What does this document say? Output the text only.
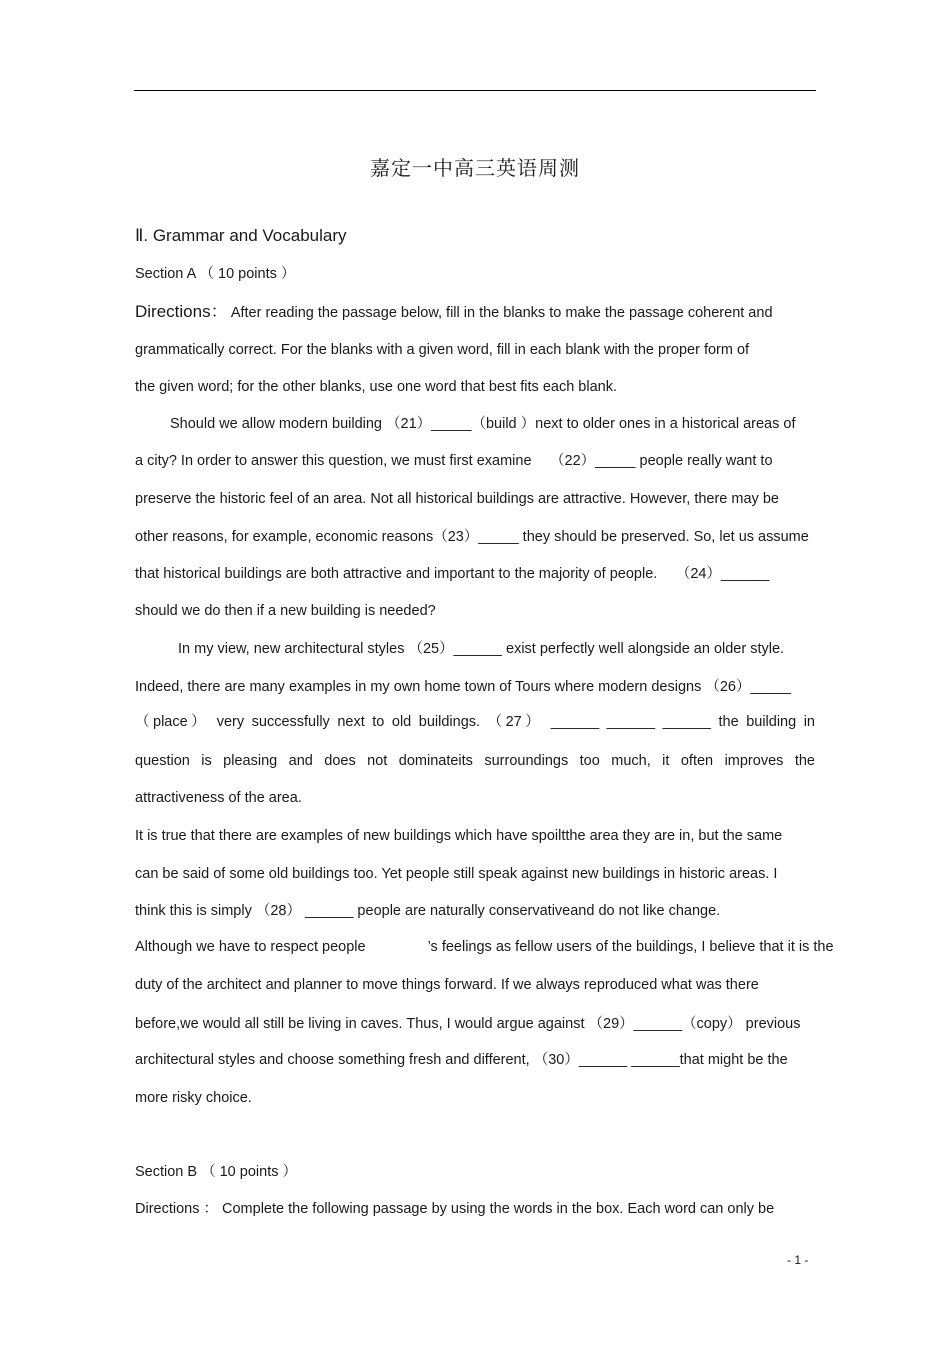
嘉定一中高三英语周测
Ⅱ. Grammar and Vocabulary
Section A （ 10 points ）
Directions： After reading the passage below, fill in the blanks to make the passage coherent and
grammatically correct. For the blanks with a given word, fill in each blank with the proper form of
the given word; for the other blanks, use one word that best fits each blank.
Should we allow modern building （21）_____（build ）next to older ones in a historical areas of
a city? In order to answer this question, we must first examine　 （22）_____ people really want to
preserve the historic feel of an area. Not all historical buildings are attractive. However, there may be
other reasons, for example, economic reasons（23）_____ they should be preserved. So, let us assume
that historical buildings are both attractive and important to the majority of people.　 （24）______
should we do then if a new building is needed?
In my view, new architectural styles （25）______ exist perfectly well alongside an older style.
Indeed, there are many examples in my own home town of Tours where modern designs （26）_____
（place） very successfully next to old buildings. （27） ______ ______ ______ the building in
question is pleasing and does not dominateits surroundings too much, it often improves the
attractiveness of the area.
It is true that there are examples of new buildings which have spoiltthe area they are in, but the same
can be said of some old buildings too. Yet people still speak against new buildings in historic areas. I
think this is simply （28） ______ people are naturally conservativeand do not like change.
Although we have to respect people　　　　 ’s feelings as fellow users of the buildings, I believe that it is the
duty of the architect and planner to move things forward. If we always reproduced what was there
before,we would all still be living in caves. Thus, I would argue against （29）______（copy） previous
architectural styles and choose something fresh and different, （30）______ ______that might be the
more risky choice.
Section B （ 10 points ）
Directions ： Complete the following passage by using the words in the box. Each word can only be
- 1 -
